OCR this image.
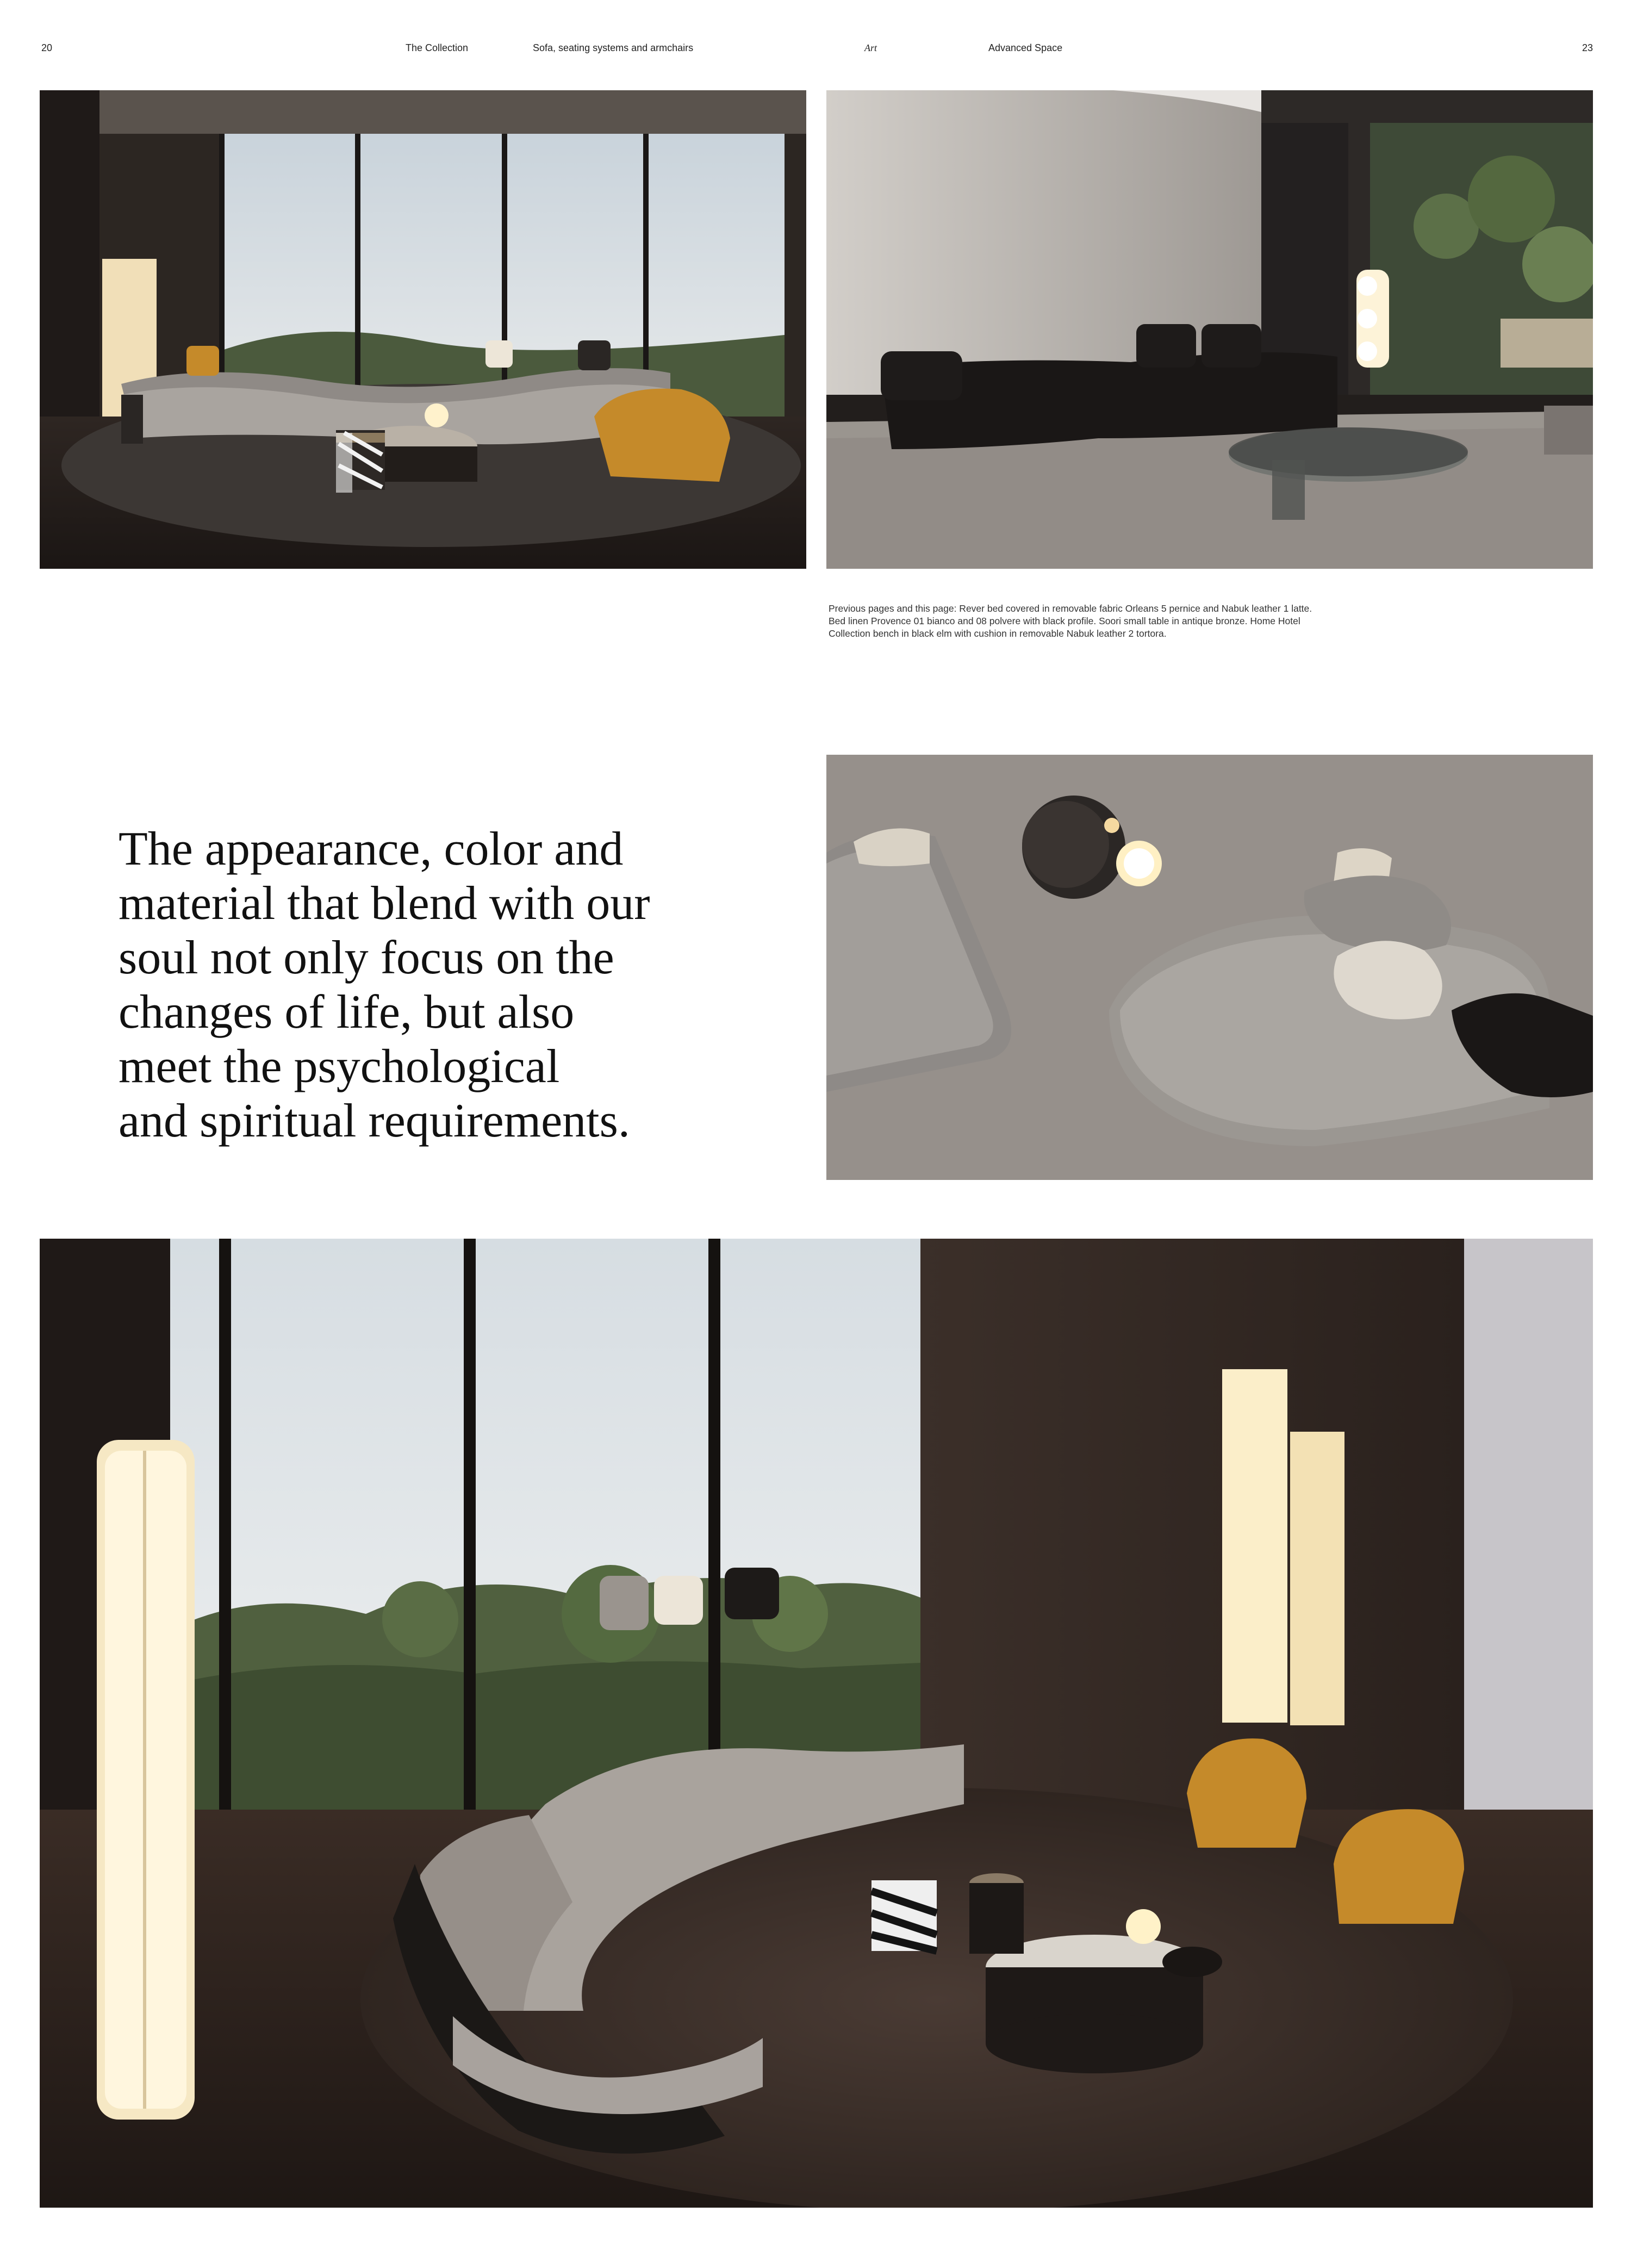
20	The Collection	Sofa, seating systems and armchairs	Art	Advanced Space	23
Previous pages and this page: Rever bed covered in removable fabric Orleans 5 pernice and Nabuk leather 1 latte.
Bed linen Provence 01 bianco and 08 polvere with black profile. Soori small table in antique bronze. Home Hotel
Collection bench in black elm with cushion in removable Nabuk leather 2 tortora.
The appearance, color and
material that blend with our
soul not only focus on the
changes of life, but also
meet the psychological
and spiritual requirements.
